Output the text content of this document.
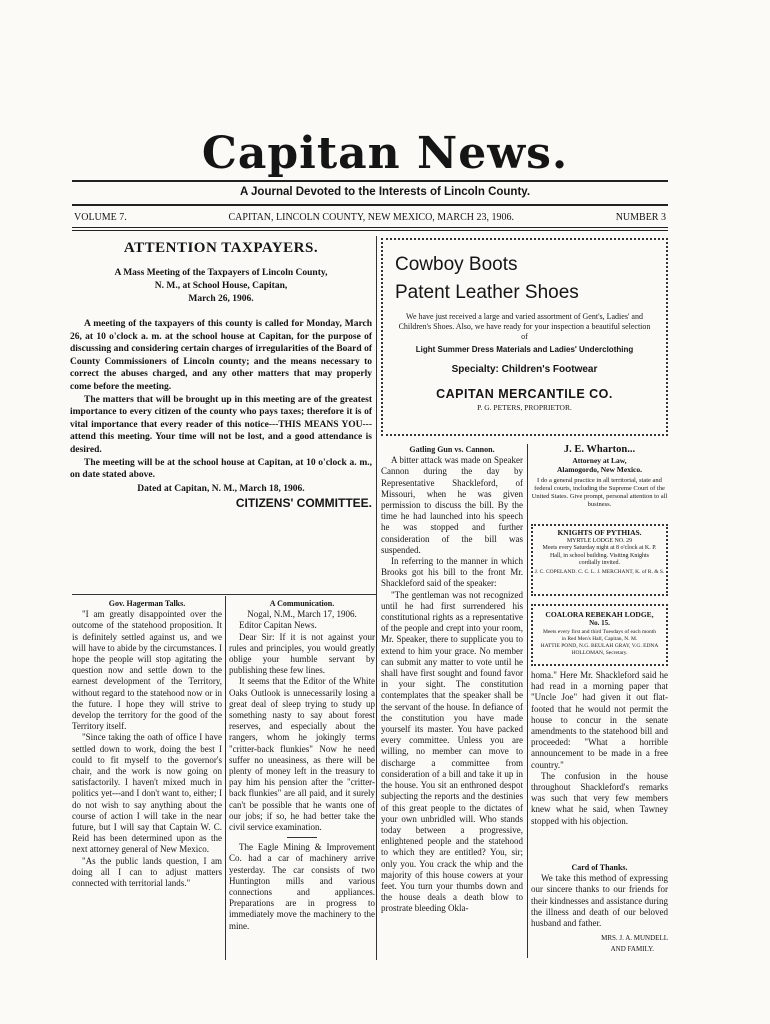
Capitan News.
A Journal Devoted to the Interests of Lincoln County.
VOLUME 7.	CAPITAN, LINCOLN COUNTY, NEW MEXICO, MARCH 23, 1906.	NUMBER 3
ATTENTION TAXPAYERS.
A Mass Meeting of the Taxpayers of Lincoln County,
N. M., at School House, Capitan,
March 26, 1906.

A meeting of the taxpayers of this county is called for Monday, March 26, at 10 o'clock a. m. at the school house at Capitan, for the purpose of discussing and considering certain charges of irregularities of the Board of County Commissioners of Lincoln county; and the means necessary to correct the abuses charged, and any other matters that may properly come before the meeting.

The matters that will be brought up in this meeting are of the greatest importance to every citizen of the county who pays taxes; therefore it is of vital importance that every reader of this notice---THIS MEANS YOU---attend this meeting. Your time will not be lost, and a good attendance is desired.

The meeting will be at the school house at Capitan, at 10 o'clock a. m., on date stated above.

Dated at Capitan, N. M., March 18, 1906.
CITIZENS' COMMITTEE.
Cowboy Boots
Patent Leather Shoes
We have just received a large and varied assortment of Gent's, Ladies' and Children's Shoes. Also, we have ready for your inspection a beautiful selection of
Light Summer Dress Materials and Ladies' Underclothing
Specialty: Children's Footwear
CAPITAN MERCANTILE CO.
P. G. PETERS, PROPRIETOR.
Gatling Gun vs. Cannon.

A bitter attack was made on Speaker Cannon during the day by Representative Shackleford, of Missouri, when he was given permission to discuss the bill. By the time he had launched into his speech he was stopped and further consideration of the bill was suspended.

In referring to the manner in which Brooks got his bill to the front Mr. Shackleford said of the speaker:

"The gentleman was not recognized until he had first surrendered his constitutional rights as a representative of the people and crept into your room, Mr. Speaker, there to supplicate you to extend to him your grace. No member can submit any matter to vote until he shall have first sought and found favor in your sight. The constitution contemplates that the speaker shall be the servant of the house. In defiance of the constitution you have made yourself its master. You have packed every committee. Unless you are willing, no member can move to discharge a committee from consideration of a bill and take it up in the house. You sit an enthroned despot subjecting the reports and the destinies of this great people to the dictates of your own unbridled will. Who stands today between a progressive, enlightened people and the statehood to which they are entitled? You, sir; only you. You crack the whip and the majority of this house cowers at your feet. You turn your thumbs down and the house deals a death blow to prostrate bleeding Okla-

J. E. Wharton...
Attorney at Law,
Alamogordo, New Mexico.
I do a general practice in all territorial, state and federal courts, including the Supreme Court of the United States. Give prompt, personal attention to all business.
KNIGHTS OF PYTHIAS.
MYRTLE LODGE NO. 29
Meets every Saturday night at 8 o'clock at K. P. Hall, in school building. Visiting Knights cordially invited.
J. C. COPELAND. C. C. L. J. MERCHANT, K. of R. & S.
COALORA REBEKAH LODGE,
No. 15.
Meets every first and third Tuesdays of each month in Red Men's Hall, Capitan, N. M.
HATTIE POND, N.G. BEULAH GRAY, V.G. EDNA HOLLOMAN, Secretary.

homa." Here Mr. Shackleford said he had read in a morning paper that "Uncle Joe" had given it out flat-footed that he would not permit the house to concur in the senate amendments to the statehood bill and proceeded: "What a horrible announcement to be made in a free country."

The confusion in the house throughout Shackleford's remarks was such that very few members knew what he said, when Tawney stopped with his objection.

Card of Thanks.

We take this method of expressing our sincere thanks to our friends for their kindnesses and assistance during the illness and death of our beloved husband and father.

MRS. J. A. MUNDELL
AND FAMILY.
Gov. Hagerman Talks.

"I am greatly disappointed over the outcome of the statehood proposition. It is definitely settled against us, and we will have to abide by the circumstances. I hope the people will stop agitating the question now and settle down to the earnest development of the Territory, without regard to the statehood now or in the future. I hope they will strive to develop the territory for the good of the Territory itself.

"Since taking the oath of office I have settled down to work, doing the best I could to fit myself to the governor's chair, and the work is now going on satisfactorily. I haven't mixed much in politics yet---and I don't want to, either; I do not wish to say anything about the course of action I will take in the near future, but I will say that Captain W. C. Reid has been determined upon as the next attorney general of New Mexico.

"As the public lands question, I am doing all I can to adjust matters connected with territorial lands."

A Communication.
Nogal, N.M., March 17, 1906.

Editor Capitan News.

Dear Sir: If it is not against your rules and principles, you would greatly oblige your humble servant by publishing these few lines.

It seems that the Editor of the White Oaks Outlook is unnecessarily losing a great deal of sleep trying to study up something nasty to say about forest reserves, and especially about the rangers, whom he jokingly terms "critter-back flunkies" Now he need suffer no uneasiness, as there will be plenty of money left in the treasury to pay him his pension after the "critter-back flunkies" are all paid, and it surely can't be possible that he wants one of our jobs; if so, he had better take the civil service examination.

The Eagle Mining & Improvement Co. had a car of machinery arrive yesterday. The car consists of two Huntington mills and various connections and appliances. Preparations are in progress to immediately move the machinery to the mine.
